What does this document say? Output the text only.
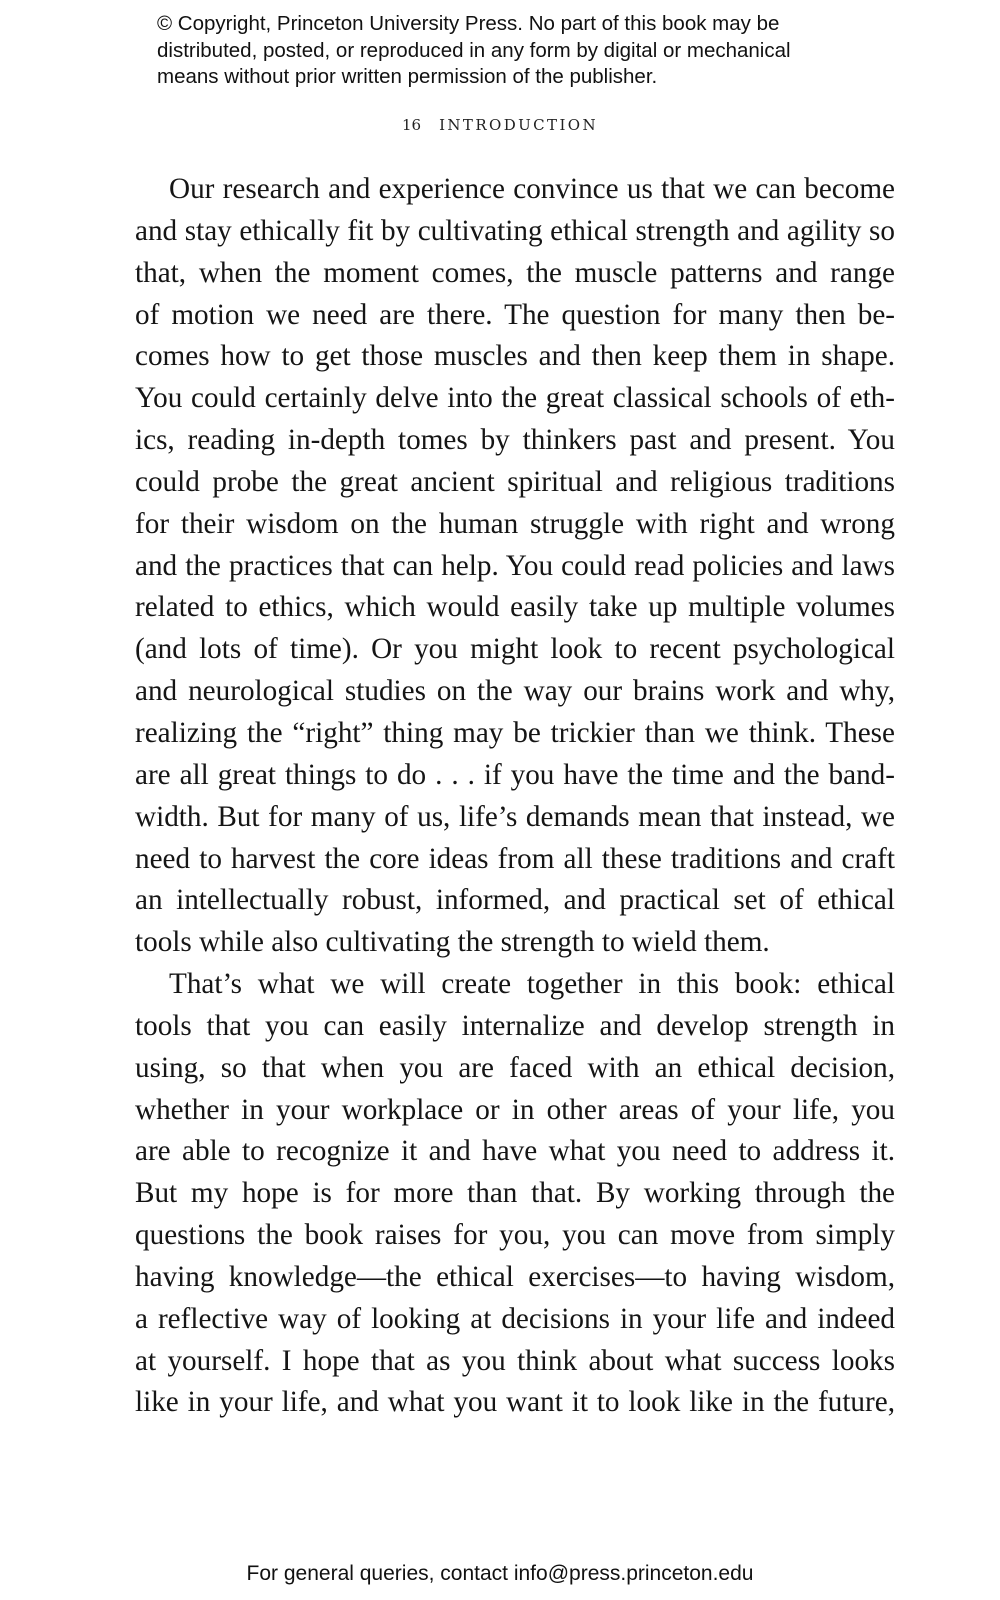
© Copyright, Princeton University Press. No part of this book may be
distributed, posted, or reproduced in any form by digital or mechanical
means without prior written permission of the publisher.
16 INTRODUCTION
Our research and experience convince us that we can become
and stay ethically fit by cultivating ethical strength and agility so
that, when the moment comes, the muscle patterns and range
of motion we need are there. The question for many then be-
comes how to get those muscles and then keep them in shape.
You could certainly delve into the great classical schools of eth-
ics, reading in-depth tomes by thinkers past and present. You
could probe the great ancient spiritual and religious traditions
for their wisdom on the human struggle with right and wrong
and the practices that can help. You could read policies and laws
related to ethics, which would easily take up multiple volumes
(and lots of time). Or you might look to recent psychological
and neurological studies on the way our brains work and why,
realizing the “right” thing may be trickier than we think. These
are all great things to do . . . if you have the time and the band-
width. But for many of us, life’s demands mean that instead, we
need to harvest the core ideas from all these traditions and craft
an intellectually robust, informed, and practical set of ethical
tools while also cultivating the strength to wield them.
That’s what we will create together in this book: ethical
tools that you can easily internalize and develop strength in
using, so that when you are faced with an ethical decision,
whether in your workplace or in other areas of your life, you
are able to recognize it and have what you need to address it.
But my hope is for more than that. By working through the
questions the book raises for you, you can move from simply
having knowledge—the ethical exercises—to having wisdom,
a reflective way of looking at decisions in your life and indeed
at yourself. I hope that as you think about what success looks
like in your life, and what you want it to look like in the future,
For general queries, contact info@press.princeton.edu
